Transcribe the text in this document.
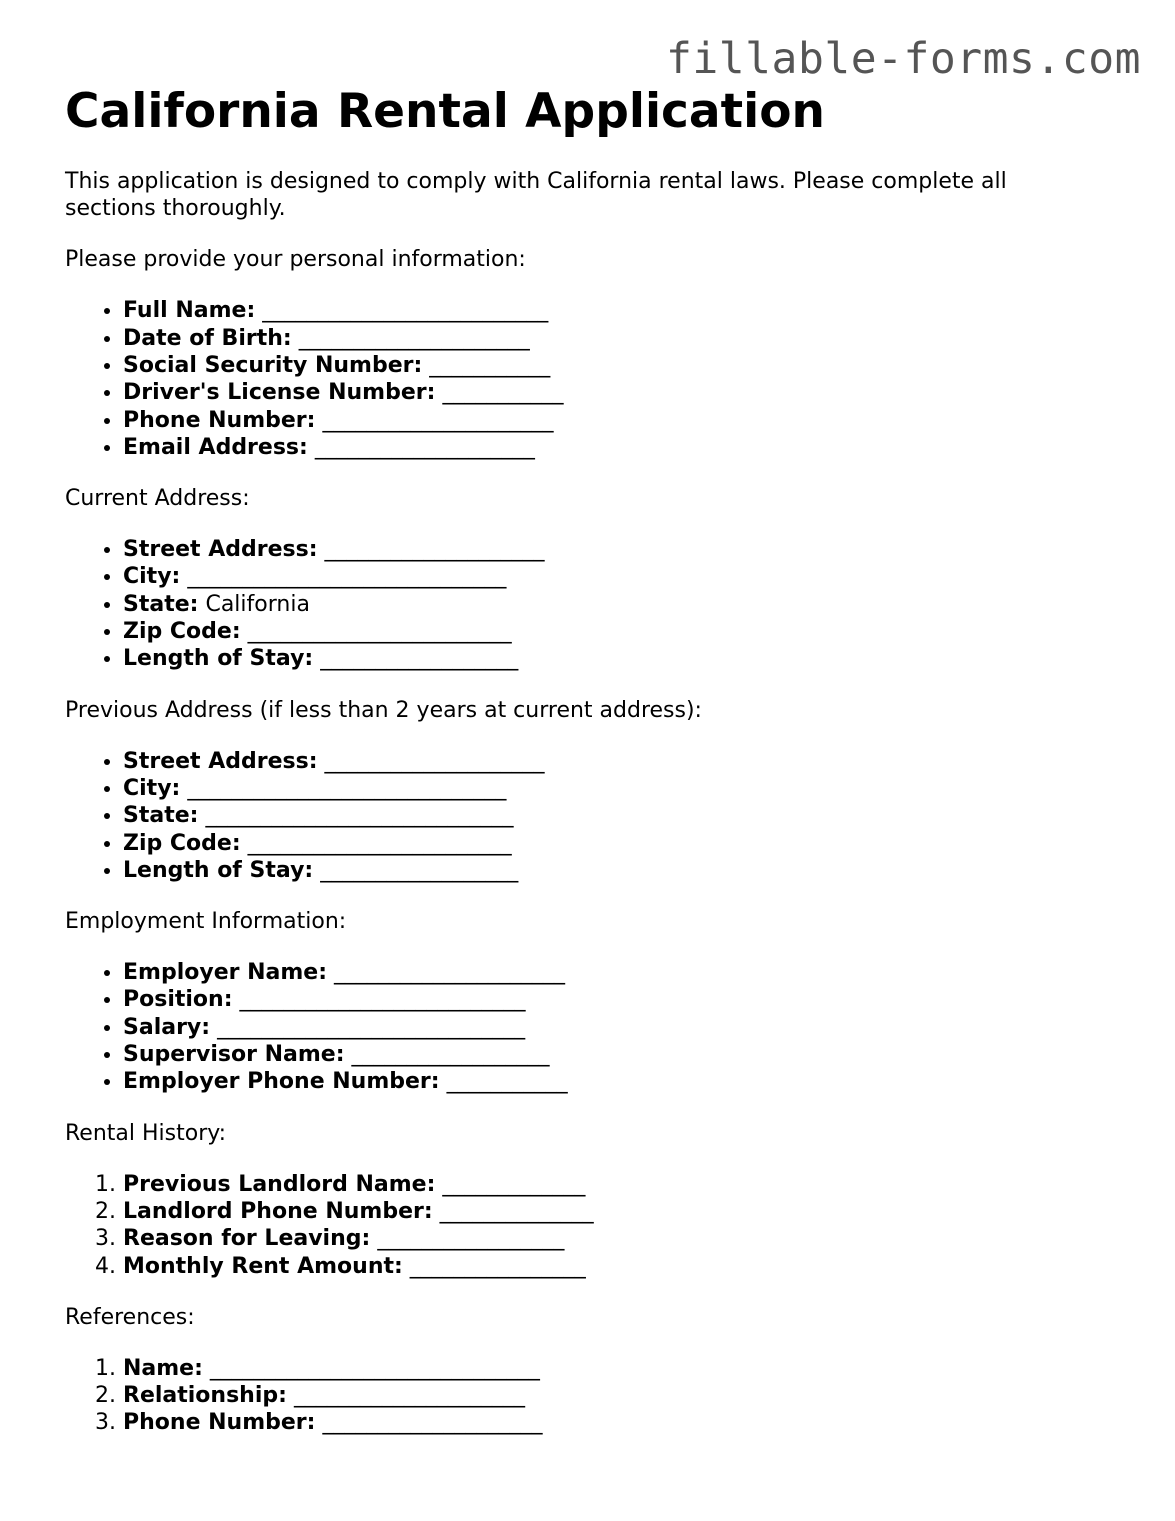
fillable-forms.com
California Rental Application

This application is designed to comply with California rental laws. Please complete all sections thoroughly.

Please provide your personal information:

• Full Name: __________________________
• Date of Birth: _____________________
• Social Security Number: ___________
• Driver's License Number: ___________
• Phone Number: _____________________
• Email Address: ____________________

Current Address:

• Street Address: ____________________
• City: _____________________________
• State: California
• Zip Code: ________________________
• Length of Stay: __________________

Previous Address (if less than 2 years at current address):

• Street Address: ____________________
• City: _____________________________
• State: ____________________________
• Zip Code: ________________________
• Length of Stay: __________________

Employment Information:

• Employer Name: _____________________
• Position: __________________________
• Salary: ____________________________
• Supervisor Name: __________________
• Employer Phone Number: ___________

Rental History:

1. Previous Landlord Name: _____________
2. Landlord Phone Number: ______________
3. Reason for Leaving: _________________
4. Monthly Rent Amount: ________________

References:

1. Name: ______________________________
2. Relationship: _____________________
3. Phone Number: ____________________
